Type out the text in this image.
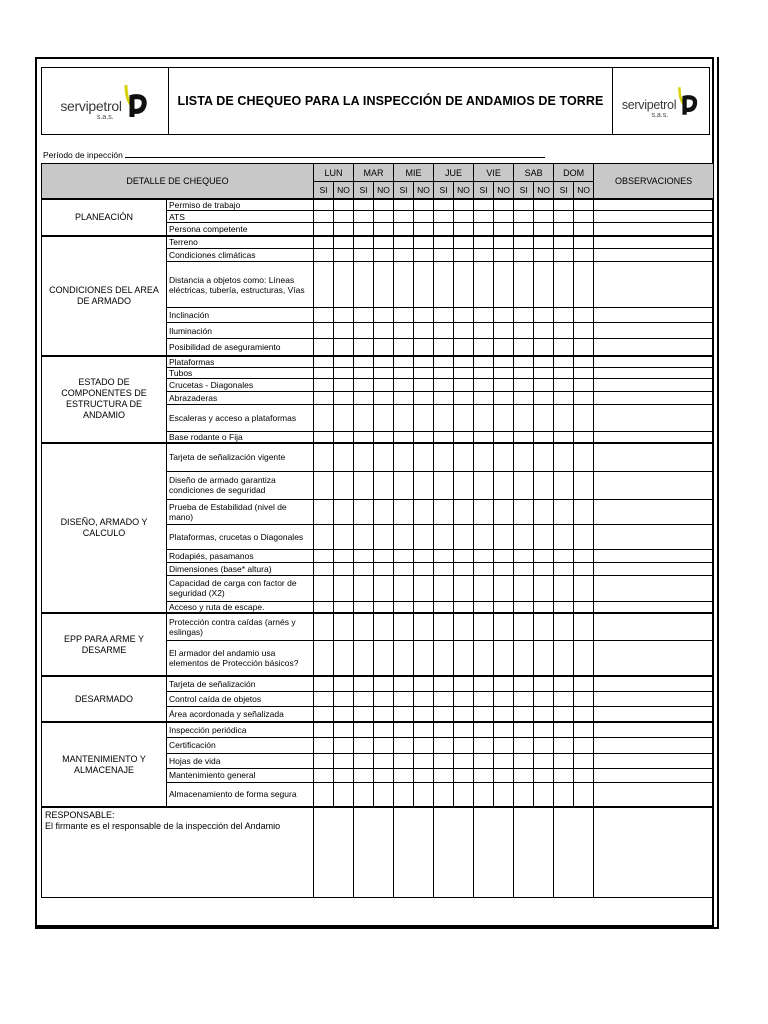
servipetrol
s.a.s.
LISTA DE CHEQUEO PARA LA INSPECCIÓN DE ANDAMIOS DE TORRE	servipetrol
s.a.s.
Período de inpección
DETALLE DE CHEQUEO		LUN		MAR		MIE		JUE		VIE		SAB		DOM		OBSERVACIONES
		SI	NO	SI	NO	SI	NO	SI	NO	SI	NO	SI	NO	SI	NO	
PLANEACIÓN	Permiso de trabajo															
	ATS															
	Persona competente															
CONDICIONES DEL AREA DE ARMADO	Terreno															
	Condiciones climáticas															
	Distancia a objetos como: Líneas eléctricas, tubería, estructuras, Vías															
	Inclinación															
	Iluminación															
	Posibilidad de aseguramiento															
ESTADO DE COMPONENTES DE ESTRUCTURA DE ANDAMIO	Plataformas															
	Tubos															
	Crucetas - Diagonales															
	Abrazaderas															
	Escaleras y acceso a plataformas															
	Base rodante o Fija															
DISEÑO, ARMADO Y CALCULO	Tarjeta de señalización vigente															
	Diseño de armado garantiza condiciones de seguridad															
	Prueba de Estabilidad (nivel de mano)															
	Plataformas, crucetas o Diagonales															
	Rodapiés, pasamanos															
	Dimensiones (base* altura)															
	Capacidad de carga con factor de seguridad (X2)															
	Acceso y ruta de escape.															
EPP PARA ARME Y DESARME	Protección contra caídas (arnés y eslingas)															
	El armador del andamio usa elementos de Protección básicos?															
DESARMADO	Tarjeta de señalización															
	Control caída de objetos															
	Área acordonada y señalizada															
MANTENIMIENTO Y ALMACENAJE	Inspección periódica															
	Certificación															
	Hojas de vida															
	Mantenimiento general															
	Almacenamiento de forma segura															

RESPONSABLE:
El firmante es el responsable de la inspección del Andamio																
